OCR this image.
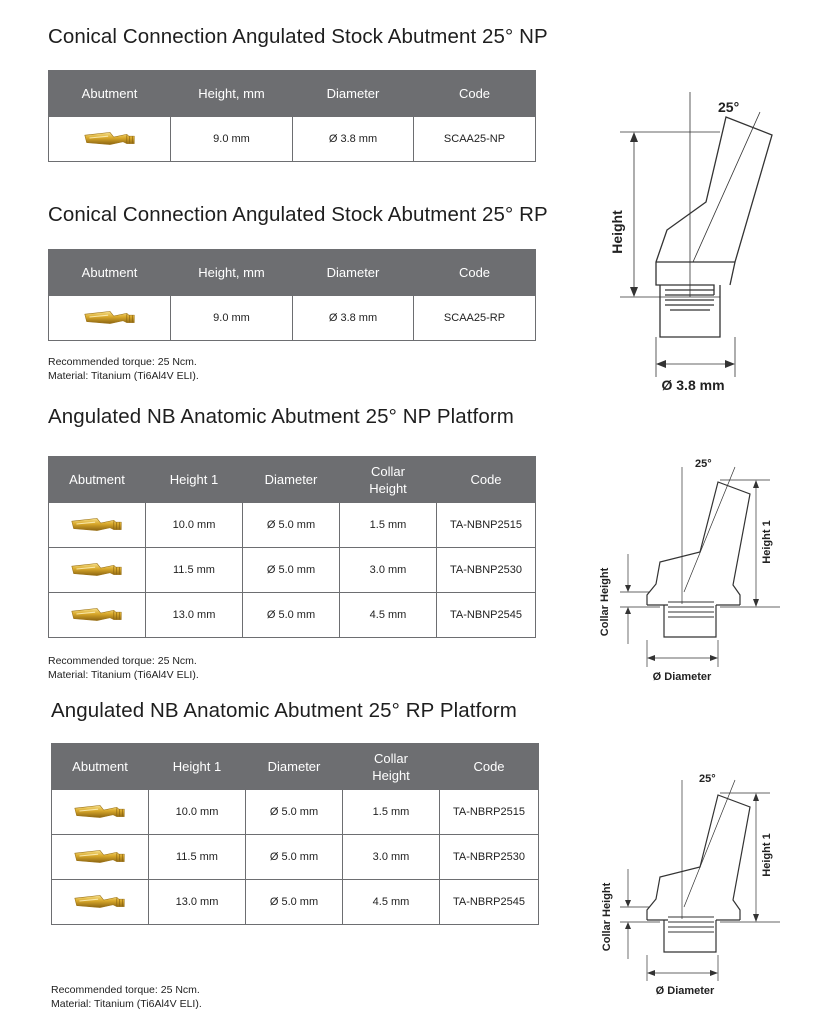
Conical Connection Angulated Stock Abutment 25° NP
Abutment	Height, mm	Diameter	Code
	9.0 mm	Ø 3.8 mm	SCAA25-NP
Conical Connection Angulated Stock Abutment 25° RP
Abutment	Height, mm	Diameter	Code
	9.0 mm	Ø 3.8 mm	SCAA25-RP
Recommended torque: 25 Ncm.
Material: Titanium (Ti6Al4V ELI).
Angulated NB Anatomic Abutment 25° NP Platform
Abutment	Height 1	Diameter	Collar Height	Code
	10.0 mm	Ø 5.0 mm	1.5 mm	TA-NBNP2515
	11.5 mm	Ø 5.0 mm	3.0 mm	TA-NBNP2530
	13.0 mm	Ø 5.0 mm	4.5 mm	TA-NBNP2545
Recommended torque: 25 Ncm.
Material: Titanium (Ti6Al4V ELI).
Angulated NB Anatomic Abutment 25° RP Platform
Abutment	Height 1	Diameter	Collar Height	Code
	10.0 mm	Ø 5.0 mm	1.5 mm	TA-NBRP2515
	11.5 mm	Ø 5.0 mm	3.0 mm	TA-NBRP2530
	13.0 mm	Ø 5.0 mm	4.5 mm	TA-NBRP2545
Recommended torque: 25 Ncm.
Material: Titanium (Ti6Al4V ELI).
25°
Height
Ø 3.8 mm
25°
Height 1
Collar Height
Ø Diameter
25°
Height 1
Collar Height
Ø Diameter
